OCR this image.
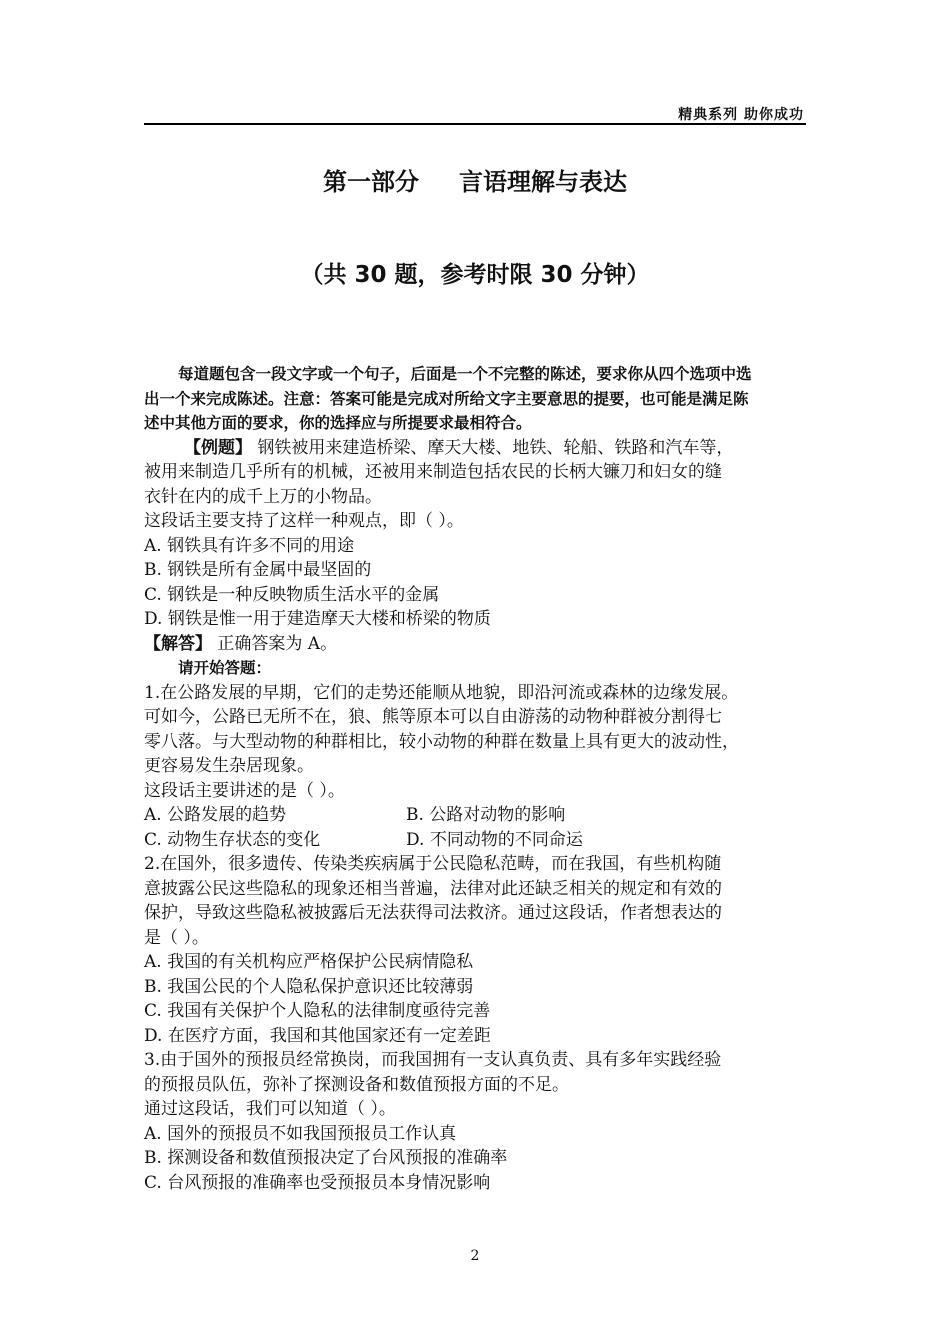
精典系列 助你成功
第一部分 言语理解与表达
（共 30 题，参考时限 30 分钟）
每道题包含一段文字或一个句子，后面是一个不完整的陈述，要求你从四个选项中选
出一个来完成陈述。注意：答案可能是完成对所给文字主要意思的提要，也可能是满足陈
述中其他方面的要求，你的选择应与所提要求最相符合。
【例题】 钢铁被用来建造桥梁、摩天大楼、地铁、轮船、铁路和汽车等，
被用来制造几乎所有的机械，还被用来制造包括农民的长柄大镰刀和妇女的缝
衣针在内的成千上万的小物品。
这段话主要支持了这样一种观点，即（ ）。
A. 钢铁具有许多不同的用途
B. 钢铁是所有金属中最坚固的
C. 钢铁是一种反映物质生活水平的金属
D. 钢铁是惟一用于建造摩天大楼和桥梁的物质
【解答】 正确答案为 A。
请开始答题：
1.在公路发展的早期，它们的走势还能顺从地貌，即沿河流或森林的边缘发展。
可如今，公路已无所不在，狼、熊等原本可以自由游荡的动物种群被分割得七
零八落。与大型动物的种群相比，较小动物的种群在数量上具有更大的波动性，
更容易发生杂居现象。
这段话主要讲述的是（ ）。
A. 公路发展的趋势	B. 公路对动物的影响
C. 动物生存状态的变化	D. 不同动物的不同命运
2.在国外，很多遗传、传染类疾病属于公民隐私范畴，而在我国，有些机构随
意披露公民这些隐私的现象还相当普遍，法律对此还缺乏相关的规定和有效的
保护，导致这些隐私被披露后无法获得司法救济。通过这段话，作者想表达的
是（ ）。
A. 我国的有关机构应严格保护公民病情隐私
B. 我国公民的个人隐私保护意识还比较薄弱
C. 我国有关保护个人隐私的法律制度亟待完善
D. 在医疗方面，我国和其他国家还有一定差距
3.由于国外的预报员经常换岗，而我国拥有一支认真负责、具有多年实践经验
的预报员队伍，弥补了探测设备和数值预报方面的不足。
通过这段话，我们可以知道（ ）。
A. 国外的预报员不如我国预报员工作认真
B. 探测设备和数值预报决定了台风预报的准确率
C. 台风预报的准确率也受预报员本身情况影响
2
